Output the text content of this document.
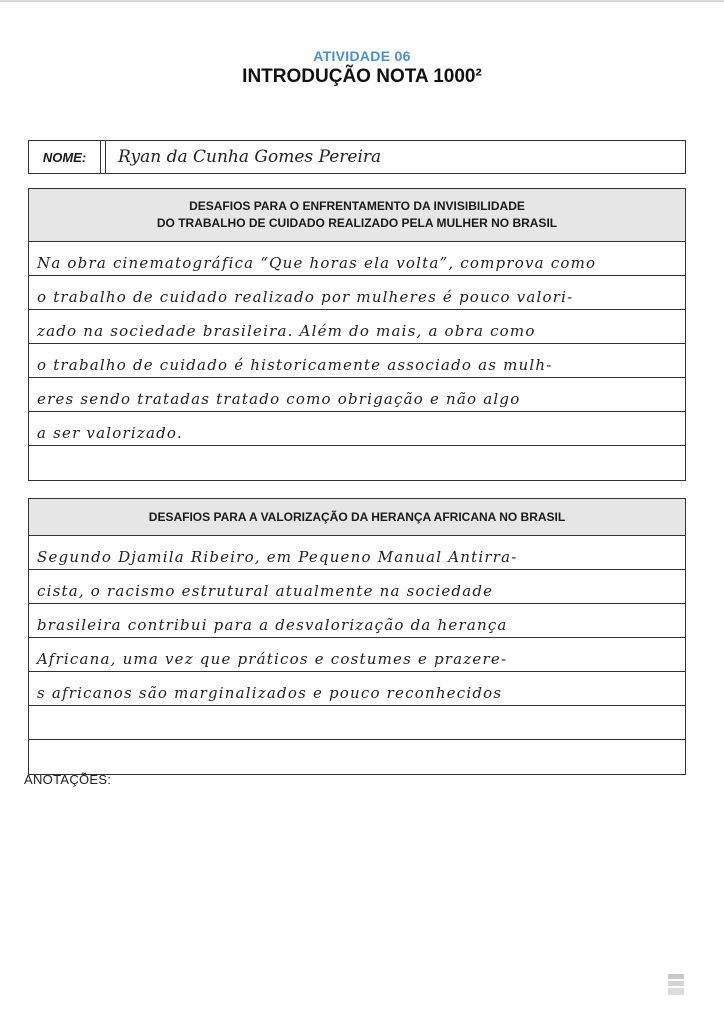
ATIVIDADE 06
INTRODUÇÃO NOTA 1000²
NOME:	Ryan da Cunha Gomes Pereira
DESAFIOS PARA O ENFRENTAMENTO DA INVISIBILIDADE
DO TRABALHO DE CUIDADO REALIZADO PELA MULHER NO BRASIL
Na obra cinematográfica “Que horas ela volta”, comprova como
o trabalho de cuidado realizado por mulheres é pouco valori-
zado na sociedade brasileira. Além do mais, a obra como
o trabalho de cuidado é historicamente associado as mulh-
eres sendo tratadas tratado como obrigação e não algo
a ser valorizado.
DESAFIOS PARA A VALORIZAÇÃO DA HERANÇA AFRICANA NO BRASIL
Segundo Djamila Ribeiro, em Pequeno Manual Antirra-
cista, o racismo estrutural atualmente na sociedade
brasileira contribui para a desvalorização da herança
Africana, uma vez que práticos e costumes e prazere-
s africanos são marginalizados e pouco reconhecidos
ANOTAÇÕES:
